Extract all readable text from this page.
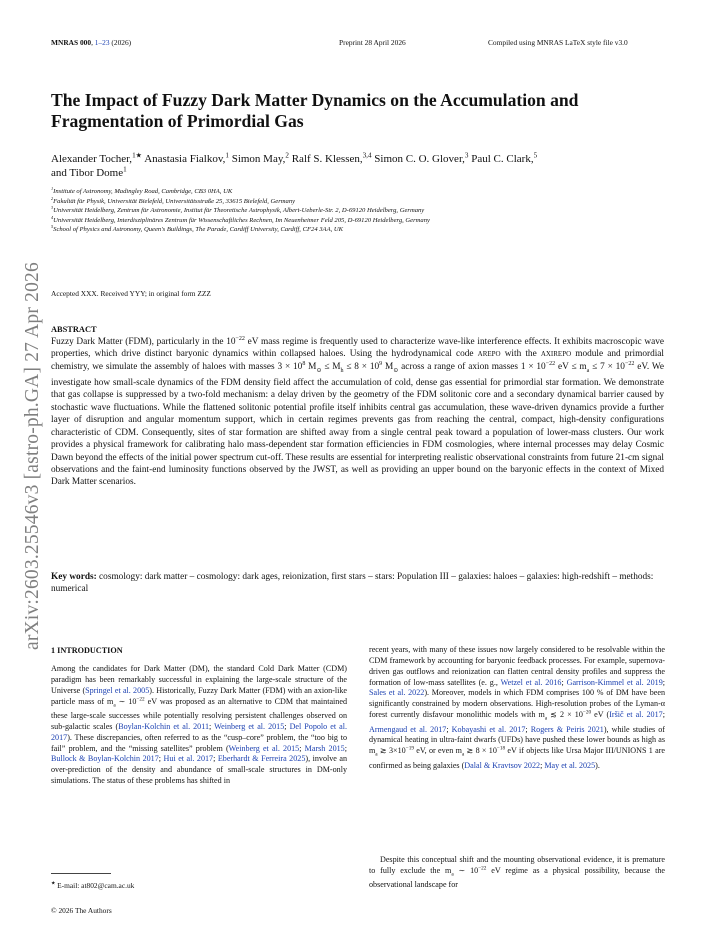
MNRAS 000, 1–23 (2026)	Preprint 28 April 2026	Compiled using MNRAS LaTeX style file v3.0
arXiv:2603.25546v3 [astro-ph.GA] 27 Apr 2026
The Impact of Fuzzy Dark Matter Dynamics on the Accumulation and Fragmentation of Primordial Gas
Alexander Tocher,$^{1★}$ Anastasia Fialkov,$^1$ Simon May,$^2$ Ralf S. Klessen,$^{3,4}$ Simon C. O. Glover,$^3$ Paul C. Clark,$^5$
and Tibor Dome$^1$
$^1$Institute of Astronomy, Madingley Road, Cambridge, CB3 0HA, UK
$^2$Fakultät für Physik, Universität Bielefeld, Universitätsstraße 25, 33615 Bielefeld, Germany
$^3$Universität Heidelberg, Zentrum für Astronomie, Institut für Theoretische Astrophysik, Albert-Ueberle-Str. 2, D-69120 Heidelberg, Germany
$^4$Universität Heidelberg, Interdisziplinäres Zentrum für Wissenschaftliches Rechnen, Im Neuenheimer Feld 205, D-69120 Heidelberg, Germany
$^5$School of Physics and Astronomy, Queen's Buildings, The Parade, Cardiff University, Cardiff, CF24 3AA, UK
Accepted XXX. Received YYY; in original form ZZZ
ABSTRACT
Fuzzy Dark Matter (FDM), particularly in the $10^{-22}$ eV mass regime is frequently used to characterize wave-like interference effects. It exhibits macroscopic wave properties, which drive distinct baryonic dynamics within collapsed haloes. Using the hydrodynamical code arepo with the axirepo module and primordial chemistry, we simulate the assembly of haloes with masses $3 \times 10^8$ $M_⊙ \le M_h \le 8 \times 10^9$ $M_⊙$ across a range of axion masses $1 \times 10^{-22}$ eV ≤ $m_a \le 7 \times 10^{-22}$ eV. We investigate how small-scale dynamics of the FDM density field affect the accumulation of cold, dense gas essential for primordial star formation. We demonstrate that gas collapse is suppressed by a two-fold mechanism: a delay driven by the geometry of the FDM solitonic core and a secondary dynamical barrier caused by stochastic wave fluctuations. While the flattened solitonic potential profile itself inhibits central gas accumulation, these wave-driven dynamics provide a further layer of disruption and angular momentum support, which in certain regimes prevents gas from reaching the central, compact, high-density configurations characteristic of CDM. Consequently, sites of star formation are shifted away from a single central peak toward a population of lower-mass clusters. Our work provides a physical framework for calibrating halo mass-dependent star formation efficiencies in FDM cosmologies, where internal processes may delay Cosmic Dawn beyond the effects of the initial power spectrum cut-off. These results are essential for interpreting realistic observational constraints from future 21-cm signal observations and the faint-end luminosity functions observed by the JWST, as well as providing an upper bound on the baryonic effects in the context of Mixed Dark Matter scenarios.
Key words: cosmology: dark matter – cosmology: dark ages, reionization, first stars – stars: Population III – galaxies: haloes – galaxies: high-redshift – methods: numerical
1 INTRODUCTION
Among the candidates for Dark Matter (DM), the standard Cold Dark Matter (CDM) paradigm has been remarkably successful in explaining the large-scale structure of the Universe (Springel et al. 2005). Historically, Fuzzy Dark Matter (FDM) with an axion-like particle mass of $m_a$ ∼ $10^{-22}$ eV was proposed as an alternative to CDM that maintained these large-scale successes while potentially resolving persistent challenges observed on sub-galactic scales (Boylan-Kolchin et al. 2011; Weinberg et al. 2015; Del Popolo et al. 2017). These discrepancies, often referred to as the “cusp–core” problem, the “too big to fail” problem, and the “missing satellites” problem (Weinberg et al. 2015; Marsh 2015; Bullock & Boylan-Kolchin 2017; Hui et al. 2017; Eberhardt & Ferreira 2025), involve an over-prediction of the density and abundance of small-scale structures in DM-only simulations. The status of these problems has shifted in
recent years, with many of these issues now largely considered to be resolvable within the CDM framework by accounting for baryonic feedback processes. For example, supernova-driven gas outflows and reionization can flatten central density profiles and suppress the formation of low-mass satellites (e. g., Wetzel et al. 2016; Garrison-Kimmel et al. 2019; Sales et al. 2022). Moreover, models in which FDM comprises 100 % of DM have been significantly constrained by modern observations. High-resolution probes of the Lyman-α forest currently disfavour monolithic models with $m_a$ ≲ $2 \times 10^{-20}$ eV (Iršič et al. 2017; Armengaud et al. 2017; Kobayashi et al. 2017; Rogers & Peiris 2021), while studies of dynamical heating in ultra-faint dwarfs (UFDs) have pushed these lower bounds as high as $m_a$ ≳ $3\times 10^{-19}$ eV, or even $m_a$ ≳ $8 \times 10^{-18}$ eV if objects like Ursa Major III/UNIONS 1 are confirmed as being galaxies (Dalal & Kravtsov 2022; May et al. 2025).
Despite this conceptual shift and the mounting observational evidence, it is premature to fully exclude the $m_a$ ∼ $10^{-22}$ eV regime as a physical possibility, because the observational landscape for
★ E-mail: at802@cam.ac.uk
© 2026 The Authors
